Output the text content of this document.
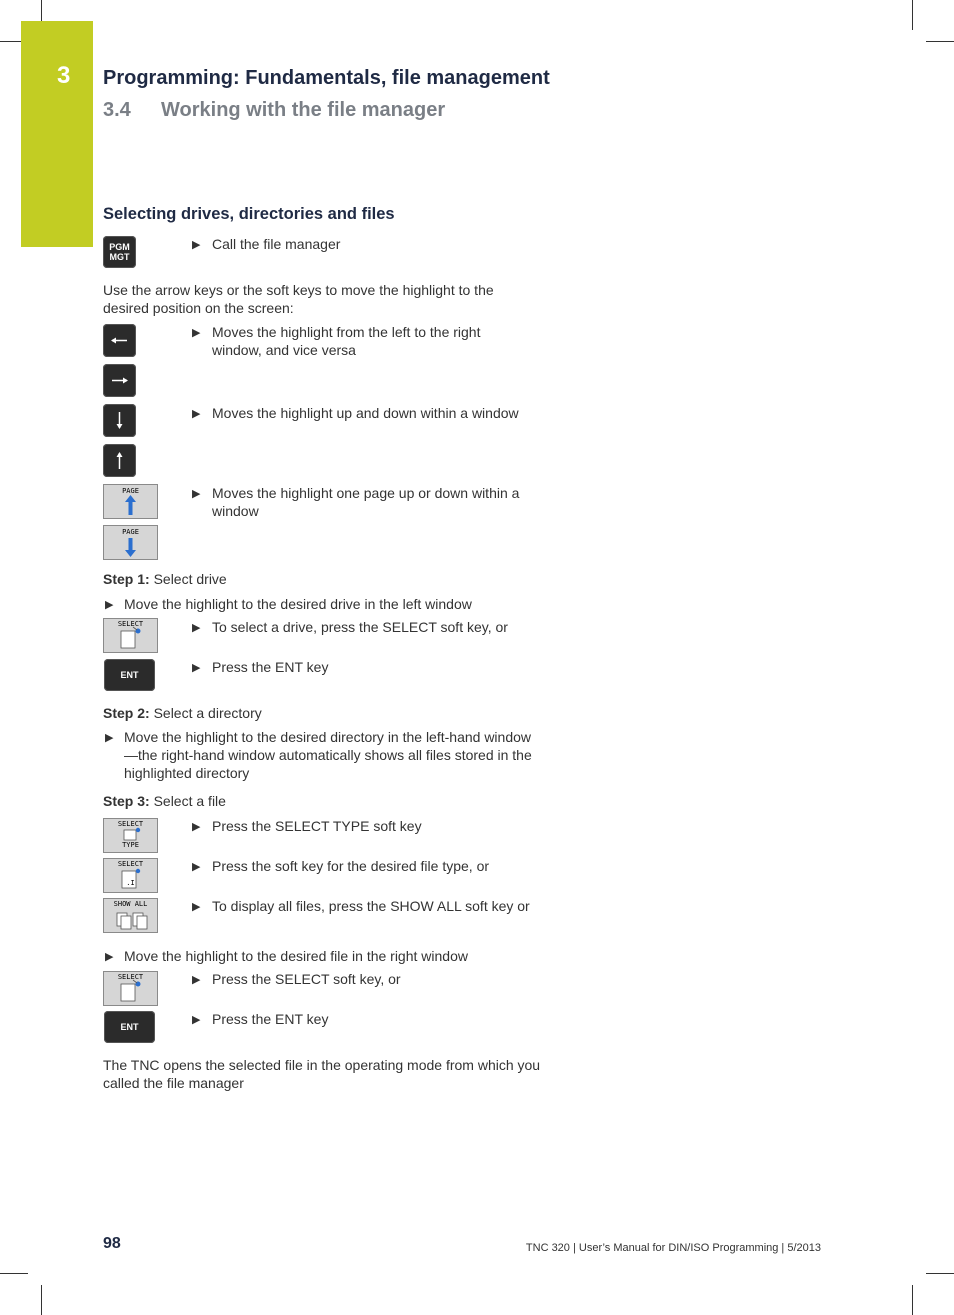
3 Programming: Fundamentals, file management
3.4 Working with the file manager
Selecting drives, directories and files
PGM
MGT
▶ Call the file manager
Use the arrow keys or the soft keys to move the highlight to the desired position on the screen:
▶ Moves the highlight from the left to the right window, and vice versa
▶ Moves the highlight up and down within a window
PAGE	▶ Moves the highlight one page up or down within a window
PAGE
Step 1: Select drive
▶ Move the highlight to the desired drive in the left window
SELECT	▶ To select a drive, press the SELECT soft key, or
ENT
▶ Press the ENT key
Step 2: Select a directory
▶ Move the highlight to the desired directory in the left-hand window—the right-hand window automatically shows all files stored in the highlighted directory
Step 3: Select a file
SELECT
TYPE
▶ Press the SELECT TYPE soft key
SELECT
.I
▶ Press the soft key for the desired file type, or
SHOW ALL	▶ To display all files, press the SHOW ALL soft key or
▶ Move the highlight to the desired file in the right window
SELECT	▶ Press the SELECT soft key, or
ENT
▶ Press the ENT key
The TNC opens the selected file in the operating mode from which you called the file manager
98	TNC 320 | User’s Manual for DIN/ISO Programming | 5/2013
